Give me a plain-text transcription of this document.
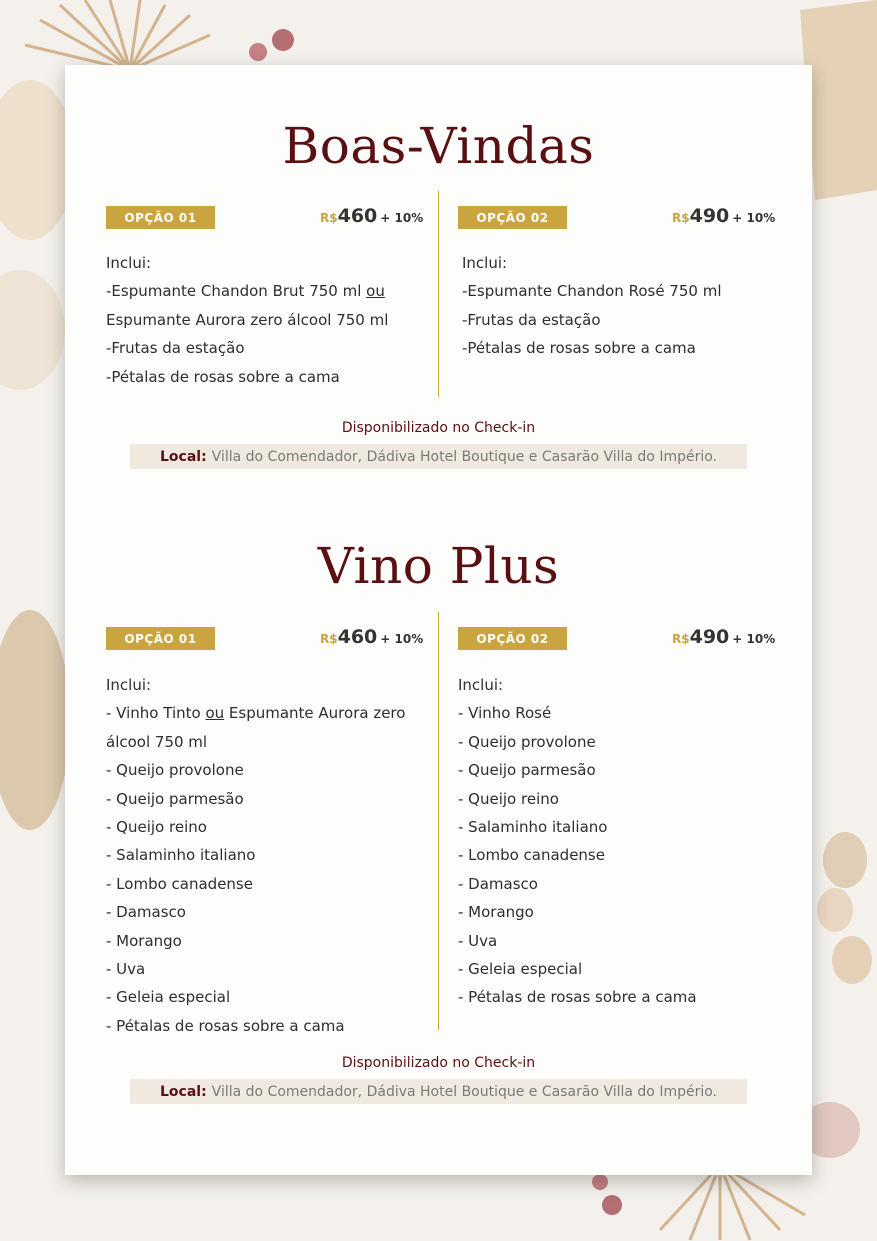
Boas-Vindas
OPÇÃO 01	R$460 + 10%	OPÇÃO 02	R$490 + 10%
Inclui:
-Espumante Chandon Brut 750 ml ou
Espumante Aurora zero álcool 750 ml
-Frutas da estação
-Pétalas de rosas sobre a cama
Inclui:
-Espumante Chandon Rosé 750 ml
-Frutas da estação
-Pétalas de rosas sobre a cama
Disponibilizado no Check-in
Local: Villa do Comendador, Dádiva Hotel Boutique e Casarão Villa do Império.
Vino Plus
OPÇÃO 01	R$460 + 10%	OPÇÃO 02	R$490 + 10%
Inclui:
- Vinho Tinto ou Espumante Aurora zero
álcool 750 ml
- Queijo provolone
- Queijo parmesão
- Queijo reino
- Salaminho italiano
- Lombo canadense
- Damasco
- Morango
- Uva
- Geleia especial
- Pétalas de rosas sobre a cama
Inclui:
- Vinho Rosé
- Queijo provolone
- Queijo parmesão
- Queijo reino
- Salaminho italiano
- Lombo canadense
- Damasco
- Morango
- Uva
- Geleia especial
- Pétalas de rosas sobre a cama
Disponibilizado no Check-in
Local: Villa do Comendador, Dádiva Hotel Boutique e Casarão Villa do Império.
